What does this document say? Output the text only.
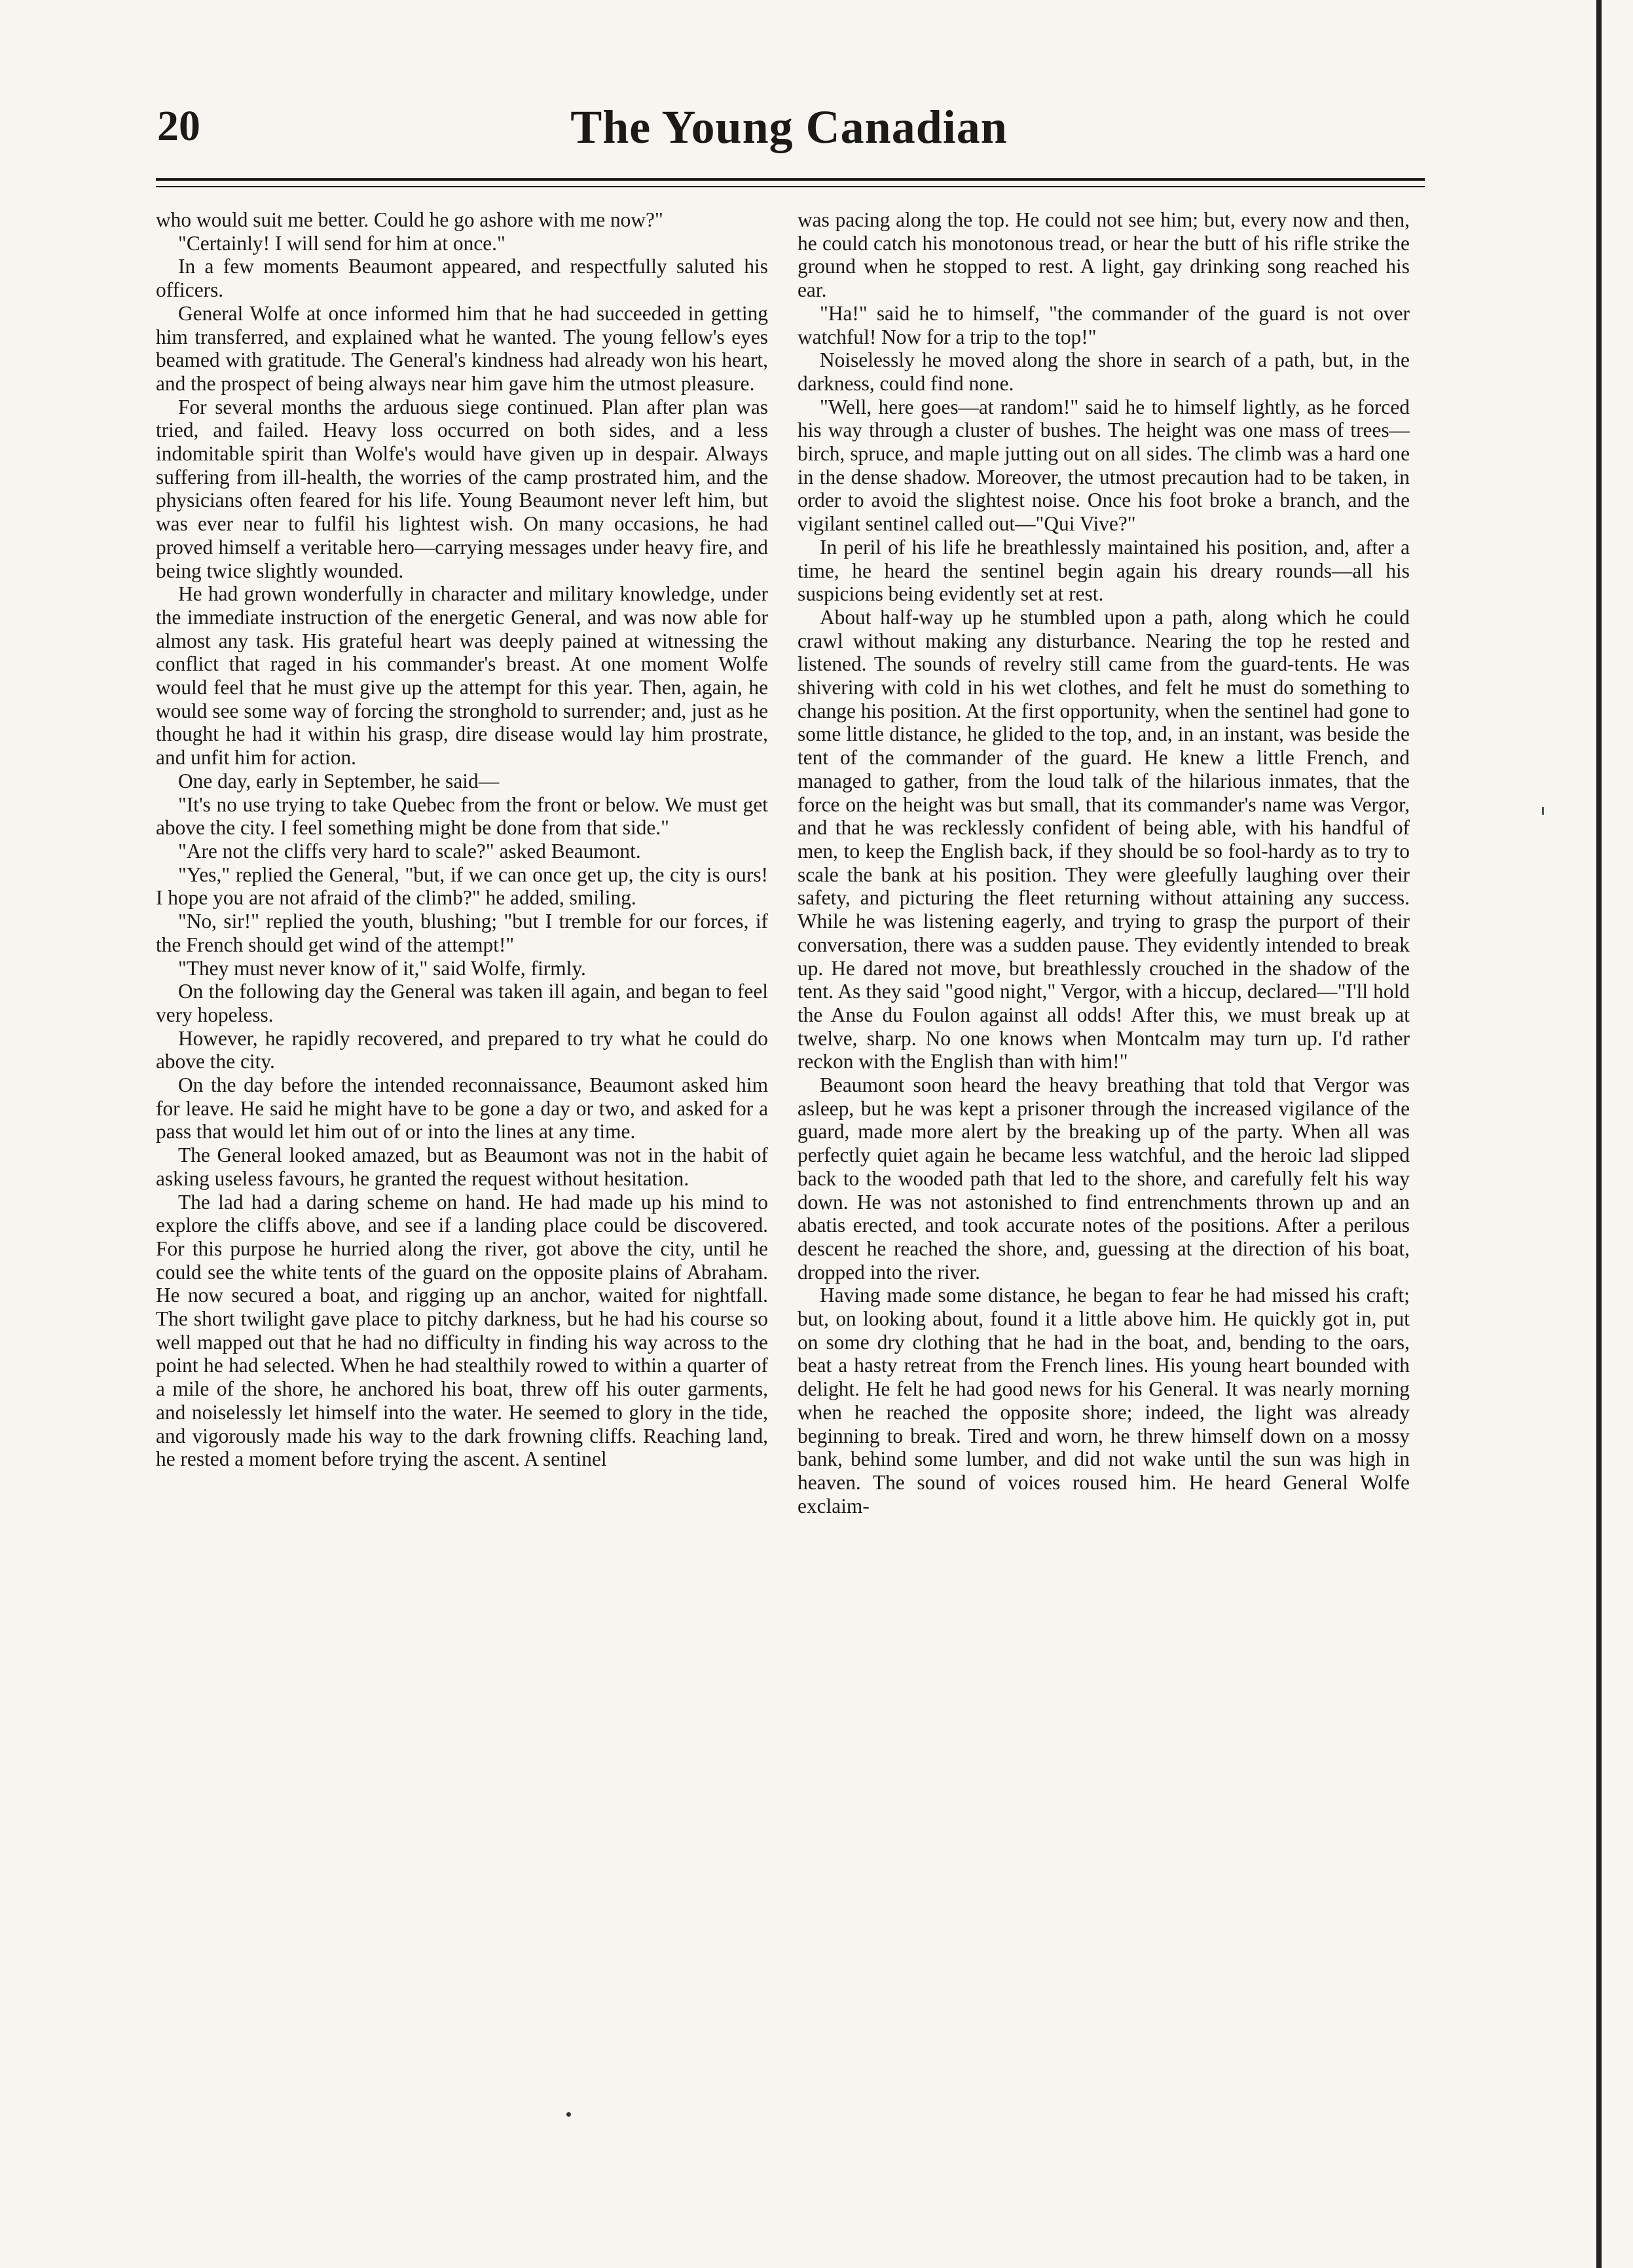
20	The Young Canadian

who would suit me better. Could he go ashore with me now?"

"Certainly! I will send for him at once."

In a few moments Beaumont appeared, and respectfully saluted his officers.

General Wolfe at once informed him that he had succeeded in getting him transferred, and explained what he wanted. The young fellow's eyes beamed with gratitude. The General's kindness had already won his heart, and the prospect of being always near him gave him the utmost pleasure.

For several months the arduous siege continued. Plan after plan was tried, and failed. Heavy loss occurred on both sides, and a less indomitable spirit than Wolfe's would have given up in despair. Always suffering from ill-health, the worries of the camp prostrated him, and the physicians often feared for his life. Young Beaumont never left him, but was ever near to fulfil his lightest wish. On many occasions, he had proved himself a veritable hero—carrying messages under heavy fire, and being twice slightly wounded.

He had grown wonderfully in character and military knowledge, under the immediate instruction of the energetic General, and was now able for almost any task. His grateful heart was deeply pained at witnessing the conflict that raged in his commander's breast. At one moment Wolfe would feel that he must give up the attempt for this year. Then, again, he would see some way of forcing the stronghold to surrender; and, just as he thought he had it within his grasp, dire disease would lay him prostrate, and unfit him for action.

One day, early in September, he said—

"It's no use trying to take Quebec from the front or below. We must get above the city. I feel something might be done from that side."

"Are not the cliffs very hard to scale?" asked Beaumont.

"Yes," replied the General, "but, if we can once get up, the city is ours! I hope you are not afraid of the climb?" he added, smiling.

"No, sir!" replied the youth, blushing; "but I tremble for our forces, if the French should get wind of the attempt!"

"They must never know of it," said Wolfe, firmly.

On the following day the General was taken ill again, and began to feel very hopeless.

However, he rapidly recovered, and prepared to try what he could do above the city.

On the day before the intended reconnaissance, Beaumont asked him for leave. He said he might have to be gone a day or two, and asked for a pass that would let him out of or into the lines at any time.

The General looked amazed, but as Beaumont was not in the habit of asking useless favours, he granted the request without hesitation.

The lad had a daring scheme on hand. He had made up his mind to explore the cliffs above, and see if a landing place could be discovered. For this purpose he hurried along the river, got above the city, until he could see the white tents of the guard on the opposite plains of Abraham. He now secured a boat, and rigging up an anchor, waited for nightfall. The short twilight gave place to pitchy darkness, but he had his course so well mapped out that he had no difficulty in finding his way across to the point he had selected. When he had stealthily rowed to within a quarter of a mile of the shore, he anchored his boat, threw off his outer garments, and noiselessly let himself into the water. He seemed to glory in the tide, and vigorously made his way to the dark frowning cliffs. Reaching land, he rested a moment before trying the ascent. A sentinel

was pacing along the top. He could not see him; but, every now and then, he could catch his monotonous tread, or hear the butt of his rifle strike the ground when he stopped to rest. A light, gay drinking song reached his ear.

"Ha!" said he to himself, "the commander of the guard is not over watchful! Now for a trip to the top!"

Noiselessly he moved along the shore in search of a path, but, in the darkness, could find none.

"Well, here goes—at random!" said he to himself lightly, as he forced his way through a cluster of bushes. The height was one mass of trees—birch, spruce, and maple jutting out on all sides. The climb was a hard one in the dense shadow. Moreover, the utmost precaution had to be taken, in order to avoid the slightest noise. Once his foot broke a branch, and the vigilant sentinel called out—"Qui Vive?"

In peril of his life he breathlessly maintained his position, and, after a time, he heard the sentinel begin again his dreary rounds—all his suspicions being evidently set at rest.

About half-way up he stumbled upon a path, along which he could crawl without making any disturbance. Nearing the top he rested and listened. The sounds of revelry still came from the guard-tents. He was shivering with cold in his wet clothes, and felt he must do something to change his position. At the first opportunity, when the sentinel had gone to some little distance, he glided to the top, and, in an instant, was beside the tent of the commander of the guard. He knew a little French, and managed to gather, from the loud talk of the hilarious inmates, that the force on the height was but small, that its commander's name was Vergor, and that he was recklessly confident of being able, with his handful of men, to keep the English back, if they should be so fool-hardy as to try to scale the bank at his position. They were gleefully laughing over their safety, and picturing the fleet returning without attaining any success. While he was listening eagerly, and trying to grasp the purport of their conversation, there was a sudden pause. They evidently intended to break up. He dared not move, but breathlessly crouched in the shadow of the tent. As they said "good night," Vergor, with a hiccup, declared—"I'll hold the Anse du Foulon against all odds! After this, we must break up at twelve, sharp. No one knows when Montcalm may turn up. I'd rather reckon with the English than with him!"

Beaumont soon heard the heavy breathing that told that Vergor was asleep, but he was kept a prisoner through the increased vigilance of the guard, made more alert by the breaking up of the party. When all was perfectly quiet again he became less watchful, and the heroic lad slipped back to the wooded path that led to the shore, and carefully felt his way down. He was not astonished to find entrenchments thrown up and an abatis erected, and took accurate notes of the positions. After a perilous descent he reached the shore, and, guessing at the direction of his boat, dropped into the river.

Having made some distance, he began to fear he had missed his craft; but, on looking about, found it a little above him. He quickly got in, put on some dry clothing that he had in the boat, and, bending to the oars, beat a hasty retreat from the French lines. His young heart bounded with delight. He felt he had good news for his General. It was nearly morning when he reached the opposite shore; indeed, the light was already beginning to break. Tired and worn, he threw himself down on a mossy bank, behind some lumber, and did not wake until the sun was high in heaven. The sound of voices roused him. He heard General Wolfe exclaim-
